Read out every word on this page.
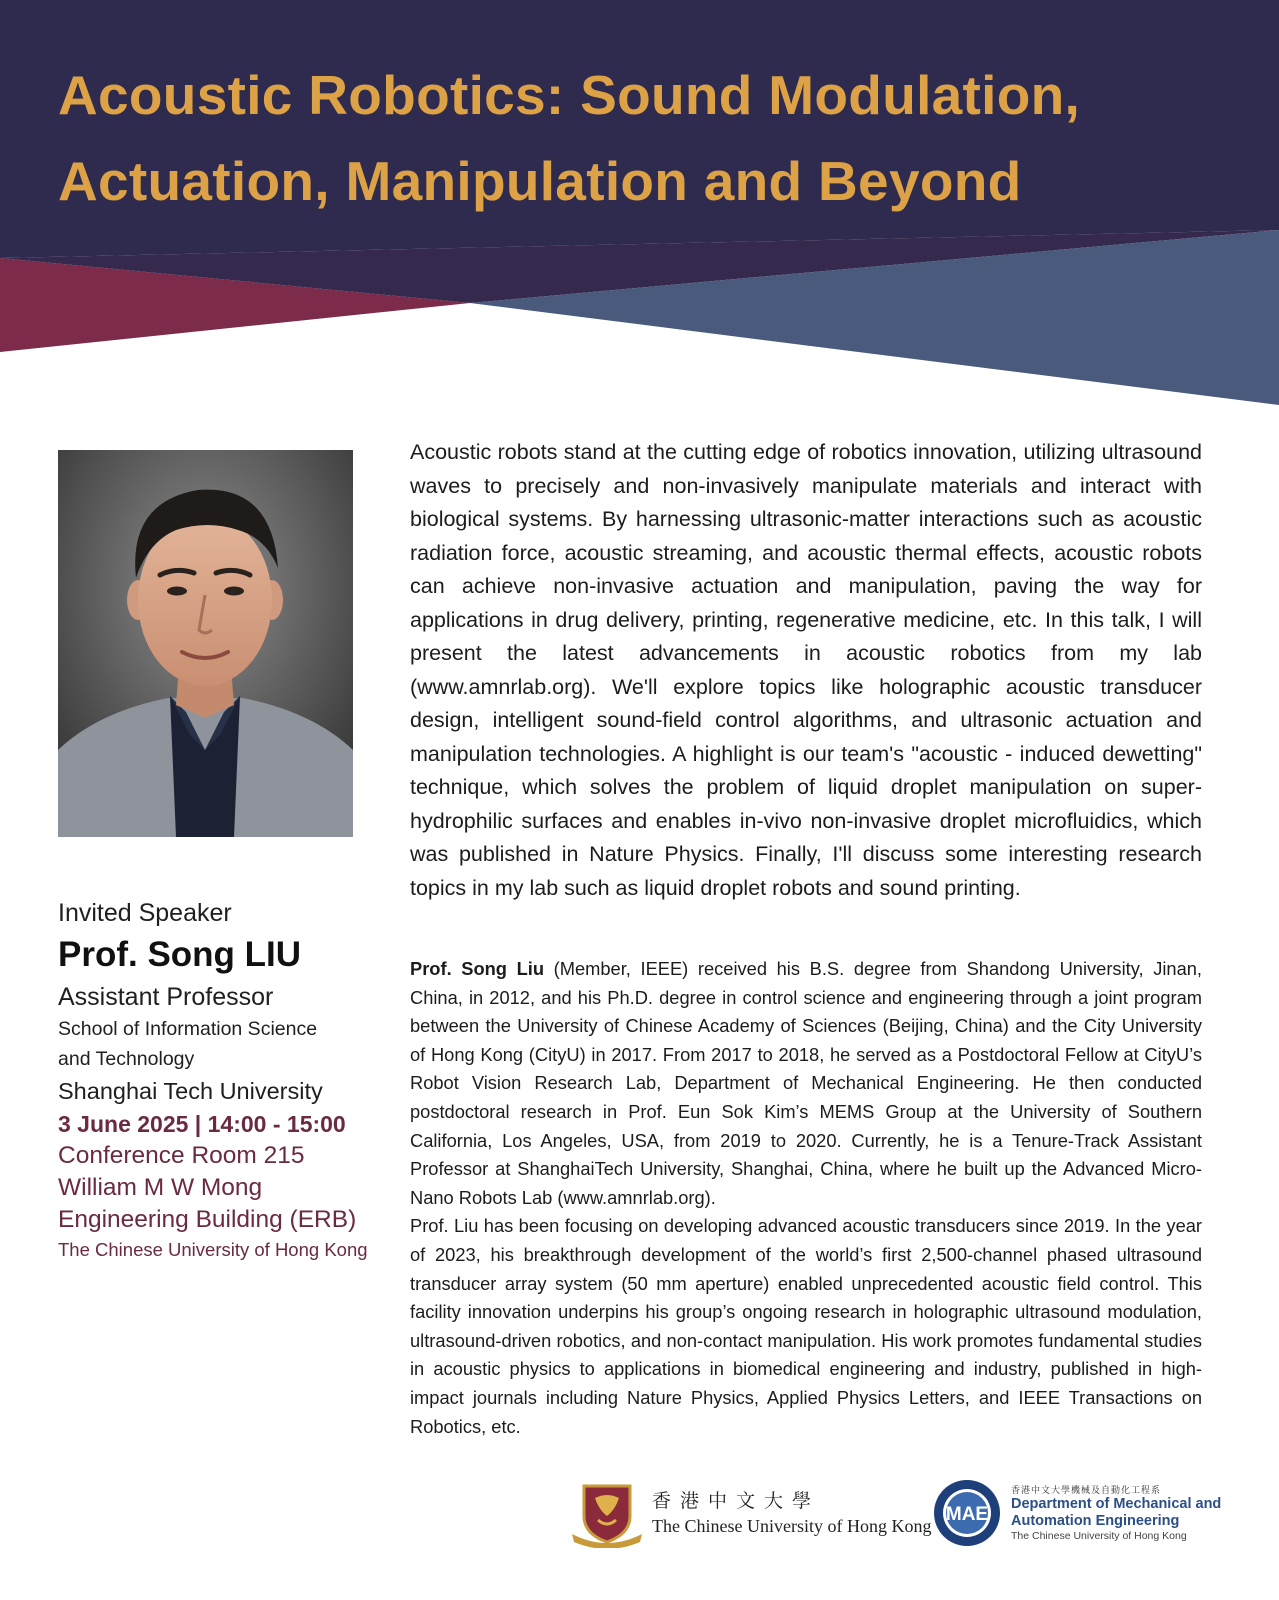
Acoustic Robotics: Sound Modulation,
Actuation, Manipulation and Beyond

Acoustic robots stand at the cutting edge of robotics innovation, utilizing ultrasound waves to precisely and non-invasively manipulate materials and interact with biological systems. By harnessing ultrasonic-matter interactions such as acoustic radiation force, acoustic streaming, and acoustic thermal effects, acoustic robots can achieve non-invasive actuation and manipulation, paving the way for applications in drug delivery, printing, regenerative medicine, etc. In this talk, I will present the latest advancements in acoustic robotics from my lab (www.amnrlab.org). We'll explore topics like holographic acoustic transducer design, intelligent sound-field control algorithms, and ultrasonic actuation and manipulation technologies. A highlight is our team's "acoustic - induced dewetting" technique, which solves the problem of liquid droplet manipulation on super-hydrophilic surfaces and enables in-vivo non-invasive droplet microfluidics, which was published in Nature Physics. Finally, I'll discuss some interesting research topics in my lab such as liquid droplet robots and sound printing.

Prof. Song Liu (Member, IEEE) received his B.S. degree from Shandong University, Jinan, China, in 2012, and his Ph.D. degree in control science and engineering through a joint program between the University of Chinese Academy of Sciences (Beijing, China) and the City University of Hong Kong (CityU) in 2017. From 2017 to 2018, he served as a Postdoctoral Fellow at CityU’s Robot Vision Research Lab, Department of Mechanical Engineering. He then conducted postdoctoral research in Prof. Eun Sok Kim’s MEMS Group at the University of Southern California, Los Angeles, USA, from 2019 to 2020. Currently, he is a Tenure-Track Assistant Professor at ShanghaiTech University, Shanghai, China, where he built up the Advanced Micro-Nano Robots Lab (www.amnrlab.org).

Prof. Liu has been focusing on developing advanced acoustic transducers since 2019. In the year of 2023, his breakthrough development of the world’s first 2,500-channel phased ultrasound transducer array system (50 mm aperture) enabled unprecedented acoustic field control. This facility innovation underpins his group’s ongoing research in holographic ultrasound modulation, ultrasound-driven robotics, and non-contact manipulation. His work promotes fundamental studies in acoustic physics to applications in biomedical engineering and industry, published in high-impact journals including Nature Physics, Applied Physics Letters, and IEEE Transactions on Robotics, etc.

Invited Speaker
Prof. Song LIU
Assistant Professor
School of Information Science
and Technology
Shanghai Tech University
3 June 2025 | 14:00 - 15:00
Conference Room 215
William M W Mong
Engineering Building (ERB)
The Chinese University of Hong Kong
香港中文大學
The Chinese University of Hong Kong
MAE
香港中文大學機械及自動化工程系
Department of Mechanical and
Automation Engineering
The Chinese University of Hong Kong
